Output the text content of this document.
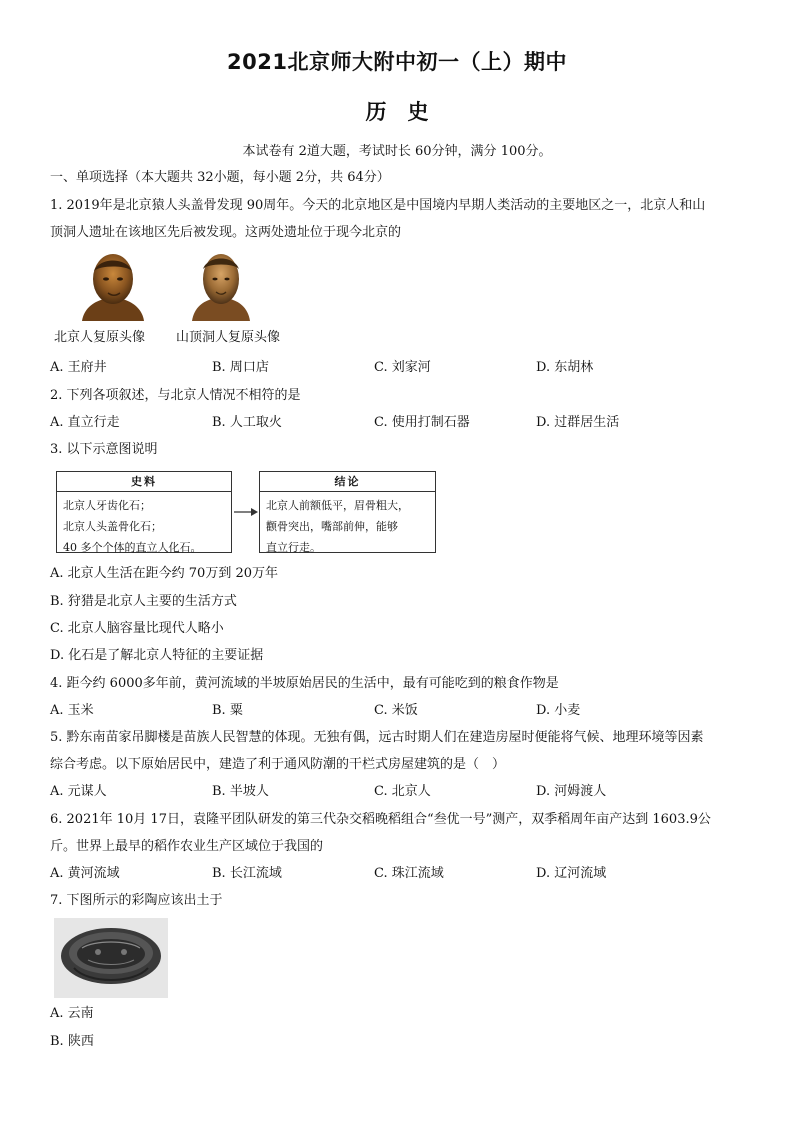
2021北京师大附中初一（上）期中
历　史
本试卷有 2道大题，考试时长 60分钟，满分 100分。
一、单项选择（本大题共 32小题，每小题 2分，共 64分）
1. 2019年是北京猿人头盖骨发现 90周年。今天的北京地区是中国境内早期人类活动的主要地区之一，北京人和山
顶洞人遗址在该地区先后被发现。这两处遗址位于现今北京的
北京人复原头像 山顶洞人复原头像
A. 王府井	B. 周口店	C. 刘家河	D. 东胡林
2. 下列各项叙述，与北京人情况不相符的是
A. 直立行走	B. 人工取火	C. 使用打制石器	D. 过群居生活
3. 以下示意图说明
史料
北京人牙齿化石；
北京人头盖骨化石；
40 多个个体的直立人化石。
结论
北京人前额低平，眉骨粗大，
颧骨突出，嘴部前伸，能够
直立行走。
A. 北京人生活在距今约 70万到 20万年
B. 狩猎是北京人主要的生活方式
C. 北京人脑容量比现代人略小
D. 化石是了解北京人特征的主要证据
4. 距今约 6000多年前，黄河流域的半坡原始居民的生活中，最有可能吃到的粮食作物是
A. 玉米	B. 粟	C. 米饭	D. 小麦
5. 黔东南苗家吊脚楼是苗族人民智慧的体现。无独有偶，远古时期人们在建造房屋时便能将气候、地理环境等因素
综合考虑。以下原始居民中，建造了利于通风防潮的干栏式房屋建筑的是（　）
A. 元谋人	B. 半坡人	C. 北京人	D. 河姆渡人
6. 2021年 10月 17日，袁隆平团队研发的第三代杂交稻晚稻组合“叁优一号”测产，双季稻周年亩产达到 1603.9公
斤。世界上最早的稻作农业生产区域位于我国的
A. 黄河流域	B. 长江流域	C. 珠江流域	D. 辽河流域
7. 下图所示的彩陶应该出土于
A. 云南
B. 陕西
